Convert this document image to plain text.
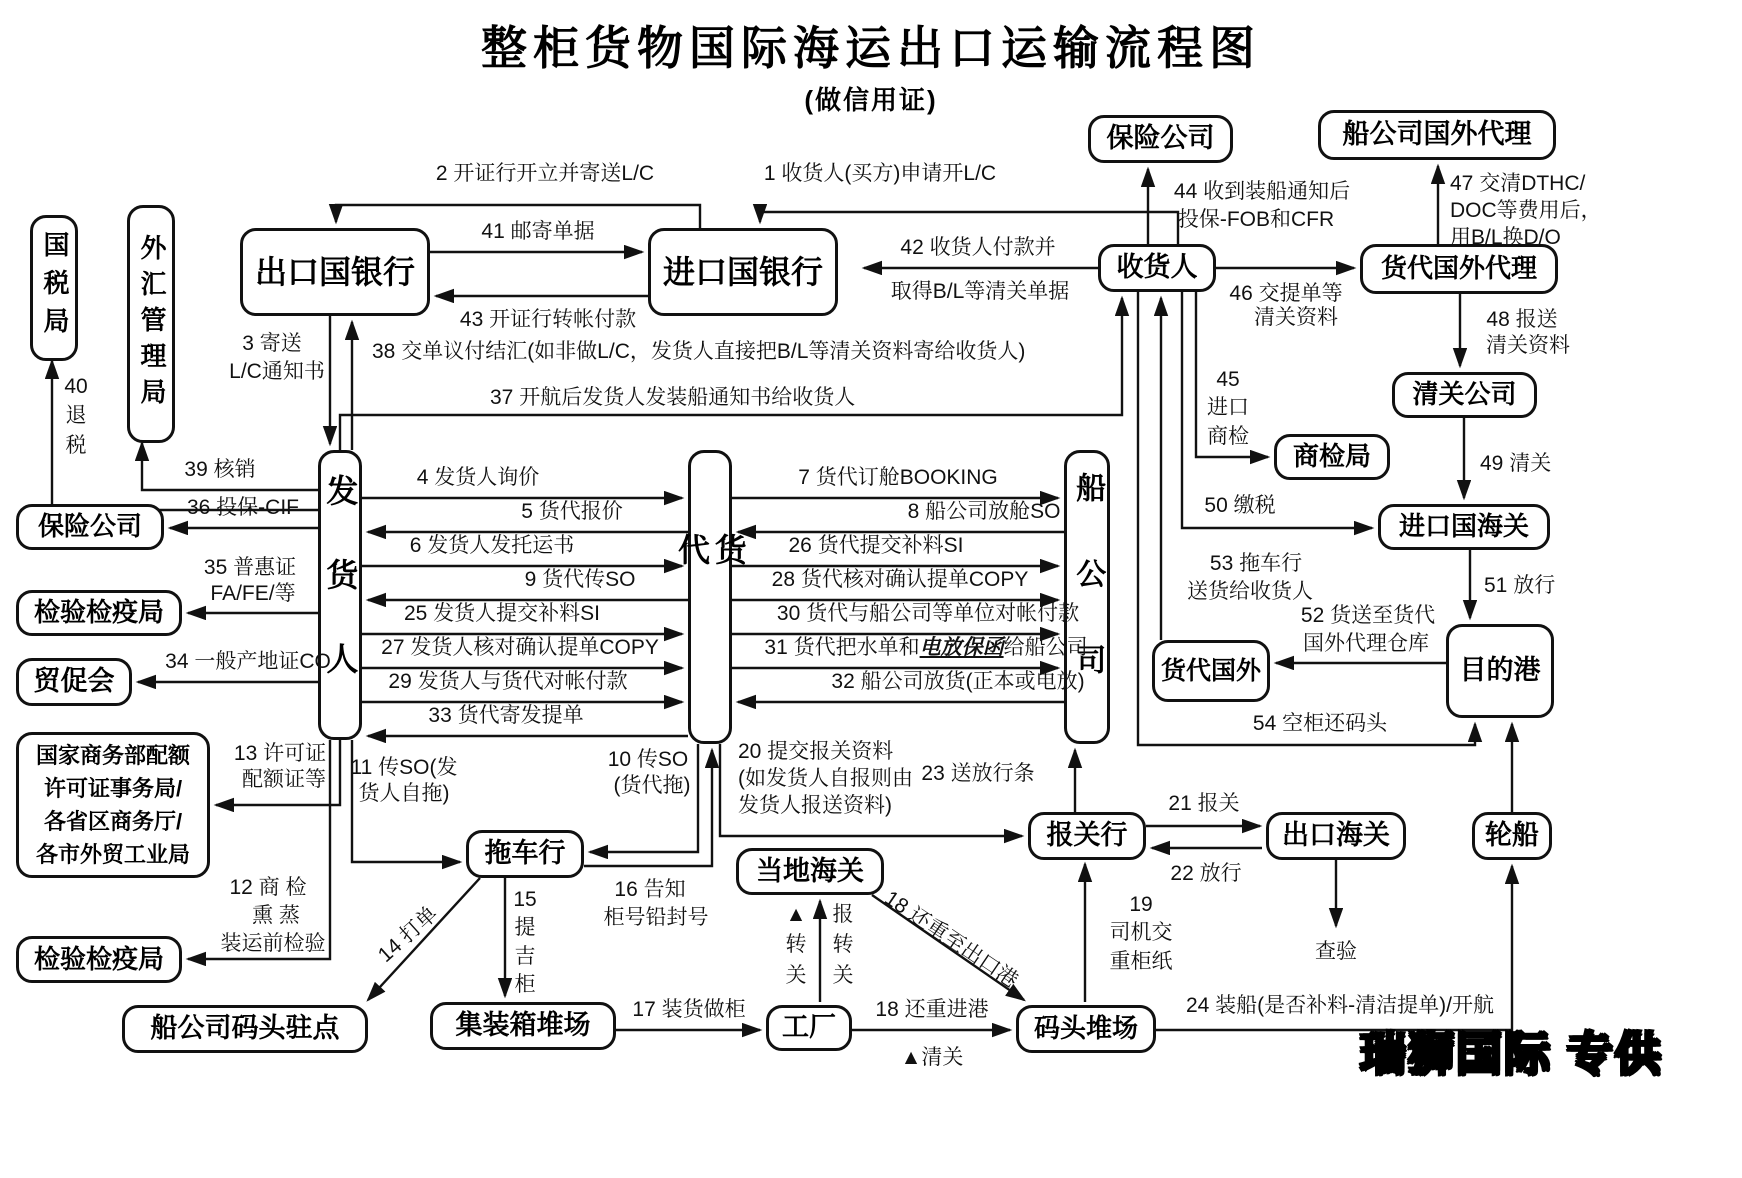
整柜货物国际海运出口运输流程图
(做信用证)
国税局	外汇管理局	出口国银行	进口国银行
保险公司	船公司国外代理
收货人	货代国外代理
清关公司
商检局
进口国海关
发货人	货代	船公司
保险公司
检验检疫局
贸促会
国家商务部配额
许可证事务局/
各省区商务厅/
各市外贸工业局
检验检疫局
船公司码头驻点
拖车行
集装箱堆场
当地海关
工厂	码头堆场
报关行	出口海关	轮船
货代国外	目的港
1 收货人(买方)申请开L/C
2 开证行开立并寄送L/C
41 邮寄单据
43 开证行转帐付款
42 收货人付款并
取得B/L等清关单据
3 寄送
L/C通知书
38 交单议付结汇(如非做L/C，发货人直接把B/L等清关资料寄给收货人)
37 开航后发货人发装船通知书给收货人
44 收到装船通知后
投保-FOB和CFR
47 交清DTHC/
DOC等费用后，
用B/L换D/O
46 交提单等
清关资料	48 报送
清关资料
49 清关
45
进口
商检
50 缴税
53 拖车行
送货给收货人	51 放行
52 货送至货代
国外代理仓库
54 空柜还码头
40
退
税
39 核销
36 投保-CIF
35 普惠证
FA/FE/等
34 一般产地证CO
13 许可证
配额证等
12 商 检
熏 蒸
装运前检验
11 传SO(发
货人自拖)
14 打单
15
提
吉
柜
10 传SO
(货代拖)
16 告知
柜号铅封号
20 提交报关资料
(如发货人自报则由
发货人报送资料)
23 送放行条
19
司机交
重柜纸
21 报关
22 放行
查验
24 装船(是否补料-清洁提单)/开航
17 装货做柜	18 还重进港
▲清关
▲
转
关
报
转
关	18 还重至出口港
4 发货人询价
5 货代报价
6 发货人发托运书
9 货代传SO
25 发货人提交补料SI
27 发货人核对确认提单COPY
29 发货人与货代对帐付款
33 货代寄发提单
7 货代订舱BOOKING
8 船公司放舱SO
26 货代提交补料SI
28 货代核对确认提单COPY
30 货代与船公司等单位对帐付款
31 货代把水单和电放保函给船公司
32 船公司放货(正本或电放)
瑞狮国际 专供
